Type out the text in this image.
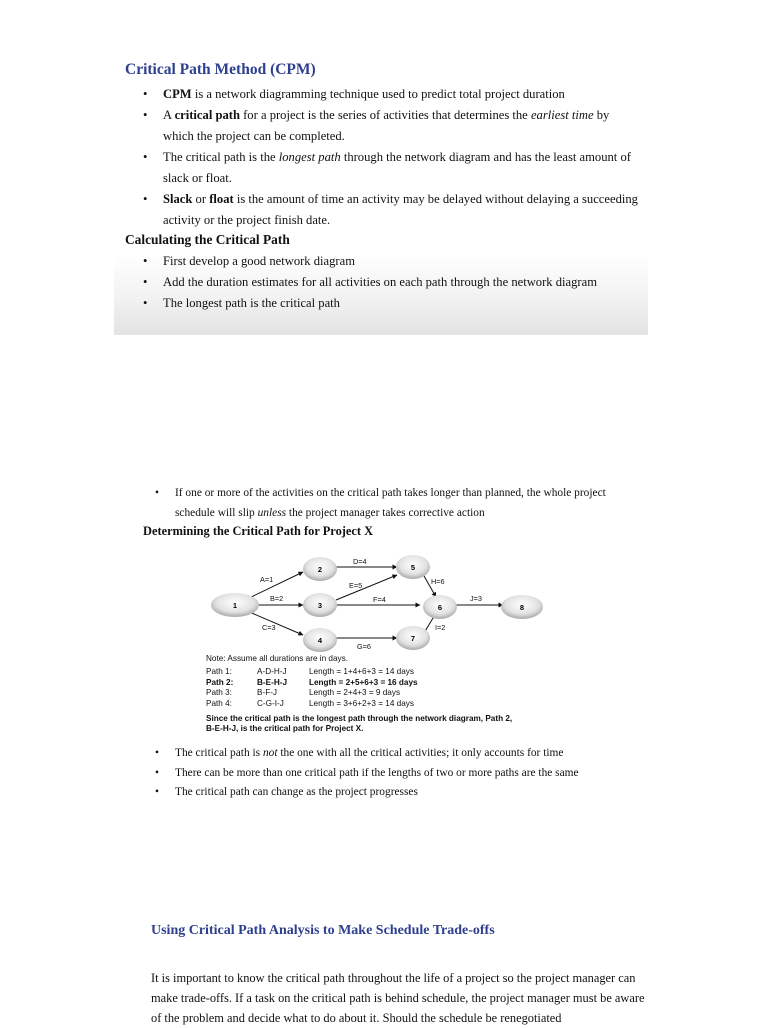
Critical Path Method (CPM)
• CPM is a network diagramming technique used to predict total project duration
• A critical path for a project is the series of activities that determines the earliest time by which the project can be completed.
• The critical path is the longest path through the network diagram and has the least amount of slack or float.
• Slack or float is the amount of time an activity may be delayed without delaying a succeeding activity or the project finish date.
Calculating the Critical Path
• First develop a good network diagram
• Add the duration estimates for all activities on each path through the network diagram
• The longest path is the critical path
• If one or more of the activities on the critical path takes longer than planned, the whole project schedule will slip unless the project manager takes corrective action
Determining the Critical Path for Project X
1
2
3
4
5
6
7
8
A=1
B=2
C=3
D=4
E=5
F=4
G=6
H=6
I=2
J=3
Note: Assume all durations are in days.
Path 1:	A-D-H-J	Length = 1+4+6+3 = 14 days
Path 2:	B-E-H-J	Length = 2+5+6+3 = 16 days
Path 3:	B-F-J	Length = 2+4+3 = 9 days
Path 4:	C-G-I-J	Length = 3+6+2+3 = 14 days
Since the critical path is the longest path through the network diagram, Path 2,
B-E-H-J, is the critical path for Project X.
• The critical path is not the one with all the critical activities; it only accounts for time
• There can be more than one critical path if the lengths of two or more paths are the same
• The critical path can change as the project progresses
Using Critical Path Analysis to Make Schedule Trade-offs
It is important to know the critical path throughout the life of a project so the project manager can make trade-offs. If a task on the critical path is behind schedule, the project manager must be aware of the problem and decide what to do about it. Should the schedule be renegotiated
